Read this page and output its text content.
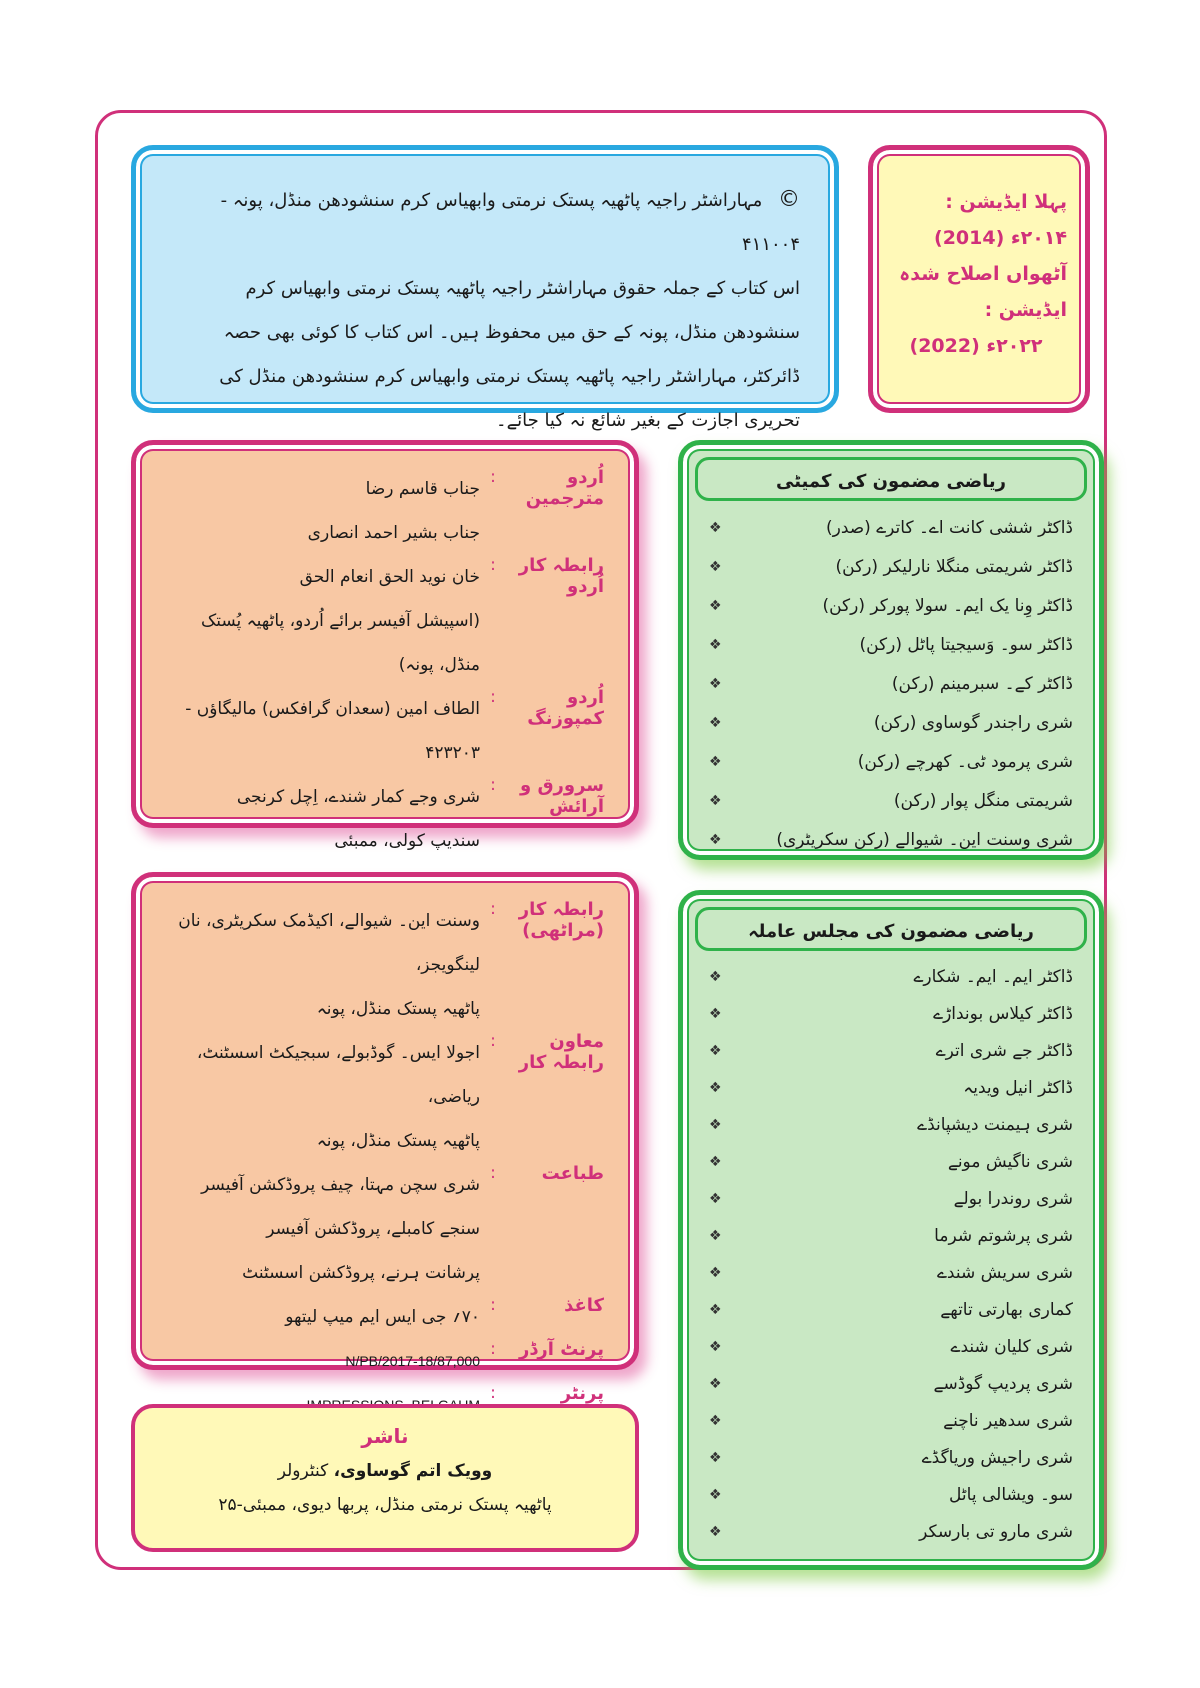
© مہاراشٹر راجیہ پاٹھیہ پستک نرمتی وابھیاس کرم سنشودھن منڈل، پونہ - ۴۱۱۰۰۴
اس کتاب کے جملہ حقوق مہاراشٹر راجیہ پاٹھیہ پستک نرمتی وابھیاس کرم سنشودھن منڈل، پونہ کے حق میں محفوظ ہیں۔ اس کتاب کا کوئی بھی حصہ ڈائرکٹر، مہاراشٹر راجیہ پاٹھیہ پستک نرمتی وابھیاس کرم سنشودھن منڈل کی تحریری اجازت کے بغیر شائع نہ کیا جائے۔
پہلا ایڈیشن : ۲۰۱۴ء (2014)
آٹھواں اصلاح شدہ ایڈیشن :
۲۰۲۲ء (2022)
اُردو مترجمین
:
جناب قاسم رضا
جناب بشیر احمد انصاری
رابطہ کار اُردو
:
خان نوید الحق انعام الحق
(اسپیشل آفیسر برائے اُردو، پاٹھیہ پُستک منڈل، پونہ)
اُردو کمپوزنگ
:
الطاف امین (سعدان گرافکس) مالیگاؤں - ۴۲۳۲۰۳
سرورق و آرائش
:
شری وجے کمار شندے، اِچل کرنجی
سندیپ کولی، ممبئی
رابطہ کار (مراٹھی)
:
وسنت این۔ شیوالے، اکیڈمک سکریٹری، نان لینگویجز،
پاٹھیہ پستک منڈل، پونہ
معاون رابطہ کار
:
اجولا ایس۔ گوڈبولے، سبجیکٹ اسسٹنٹ، ریاضی،
پاٹھیہ پستک منڈل، پونہ
طباعت
:
شری سچن مہتا، چیف پروڈکشن آفیسر
سنجے کامبلے، پروڈکشن آفیسر
پرشانت ہرنے، پروڈکشن اسسٹنٹ
کاغذ
:
۷۰؍ جی ایس ایم میپ لیتھو
پرنٹ آرڈر
:
N/PB/2017-18/87,000
پرنٹر
:
ناشر
وویک اتم گوساوی، کنٹرولر
پاٹھیہ پستک نرمتی منڈل، پربھا دیوی، ممبئی-۲۵
ریاضی مضمون کی کمیٹی
ڈاکٹر ششی کانت اے۔ کاترے (صدر)
❖
ڈاکٹر شریمتی منگلا نارلیکر (رکن)
❖
ڈاکٹر وِنا یک ایم۔ سولا پورکر (رکن)
❖
ڈاکٹر سو۔ وَسیجیتا پاٹل (رکن)
❖
ڈاکٹر کے۔ سبرمینم (رکن)
❖
شری راجندر گوساوی (رکن)
❖
شری پرمود ٹی۔ کھرچے (رکن)
❖
شریمتی منگل پوار (رکن)
❖
شری وسنت این۔ شیوالے (رکن سکریٹری)
❖
ریاضی مضمون کی مجلس عاملہ
ڈاکٹر ایم۔ ایم۔ شکارے
❖
ڈاکٹر کیلاس بونداڑے
❖
ڈاکٹر جے شری اترے
❖
ڈاکٹر انیل ویدیہ
❖
شری ہیمنت دیشپانڈے
❖
شری ناگیش مونے
❖
شری روندرا بولے
❖
شری پرشوتم شرما
❖
شری سریش شندے
❖
کماری بھارتی تاتھے
❖
شری کلیان شندے
❖
شری پردیپ گوڈسے
❖
شری سدھیر ناچنے
❖
شری راجیش وریاگڈے
❖
سو۔ ویشالی پاٹل
❖
شری مارو تی بارسکر
❖
